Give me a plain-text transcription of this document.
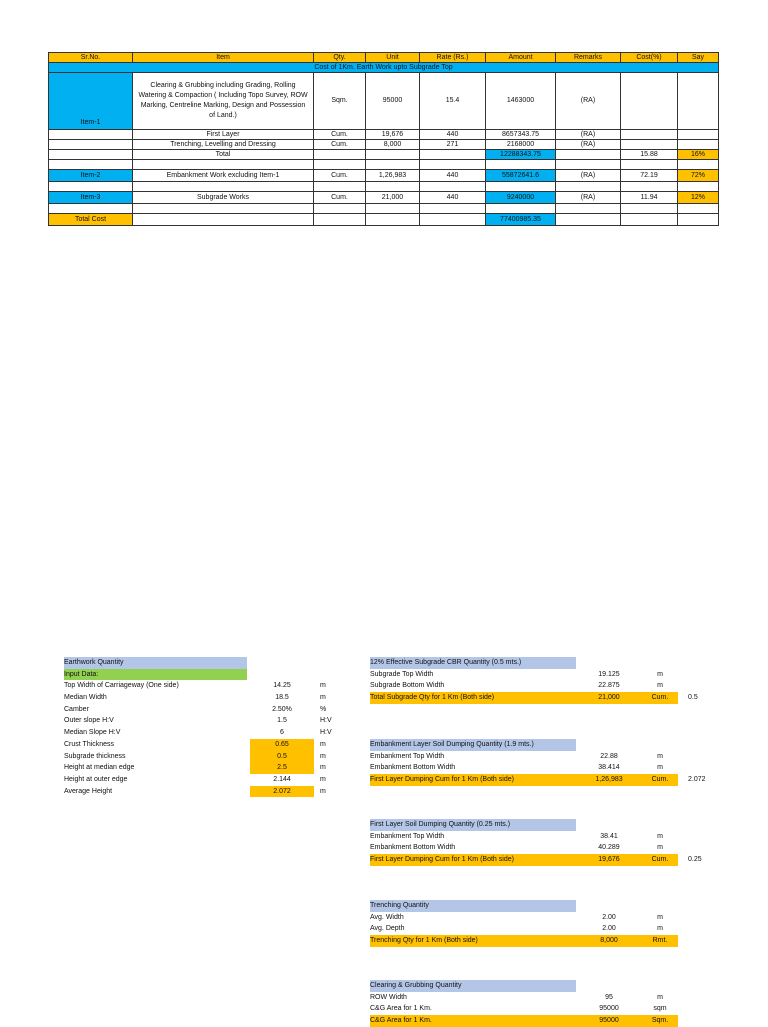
Sr.No.	Item	Qty.	Unit	Rate (Rs.)	Amount	Remarks	Cost(%)	Say
Cost of 1Km. Earth Work upto Subgrade Top								
Item-1	Clearing & Grubbing including Grading, Rolling Watering & Compaction ( Including Topo Survey, ROW Marking, Centreline Marking, Design and Possession of Land.)	Sqm.	95000	15.4	1463000	(RA)		
	First Layer	Cum.	19,676	440	8657343.75	(RA)		
	Trenching, Levelling and Dressing	Cum.	8,000	271	2168000	(RA)		
	Total				12288343.75		15.88	16%

Item-2	Embankment Work excluding Item-1	Cum.	1,26,983	440	55872641.6	(RA)	72.19	72%

Item-3	Subgrade Works	Cum.	21,000	440	9240000	(RA)	11.94	12%

Total Cost					77400985.35			
Earthwork Quantity
Input Data:
Top Width of Carriageway (One side)	14.25	m
Median Width	18.5	m
Camber	2.50%	%
Outer slope H:V	1.5	H:V
Median Slope H:V	6	H:V
Crust Thickness	0.65	m
Subgrade thickness	0.5	m
Height at median edge	2.5	m
Height at outer edge	2.144	m
Average Height	2.072	m
12% Effective Subgrade CBR Quantity (0.5 mts.)
Subgrade Top Width	19.125	m
Subgrade Bottom Width	22.875	m
Total Subgrade Qty for 1 Km (Both side)	21,000	Cum.	0.5
Embankment Layer Soil Dumping Quantity (1.9 mts.)
Embankment Top Width	22.88	m
Embankment Bottom Width	38.414	m
First Layer Dumping Cum for 1 Km (Both side)	1,26,983	Cum.	2.072
First Layer Soil Dumping Quantity (0.25 mts.)
Embankment Top Width	38.41	m
Embankment Bottom Width	40.289	m
First Layer Dumping Cum for 1 Km (Both side)	19,676	Cum.	0.25
Trenching Quantity
Avg. Width	2.00	m
Avg. Depth	2.00	m
Trenching Qty for 1 Km (Both side)	8,000	Rmt.
Clearing & Grubbing Quantity
ROW Width	95	m
C&G Area for 1 Km.	95000	sqm
C&G Area for 1 Km.	95000	Sqm.
